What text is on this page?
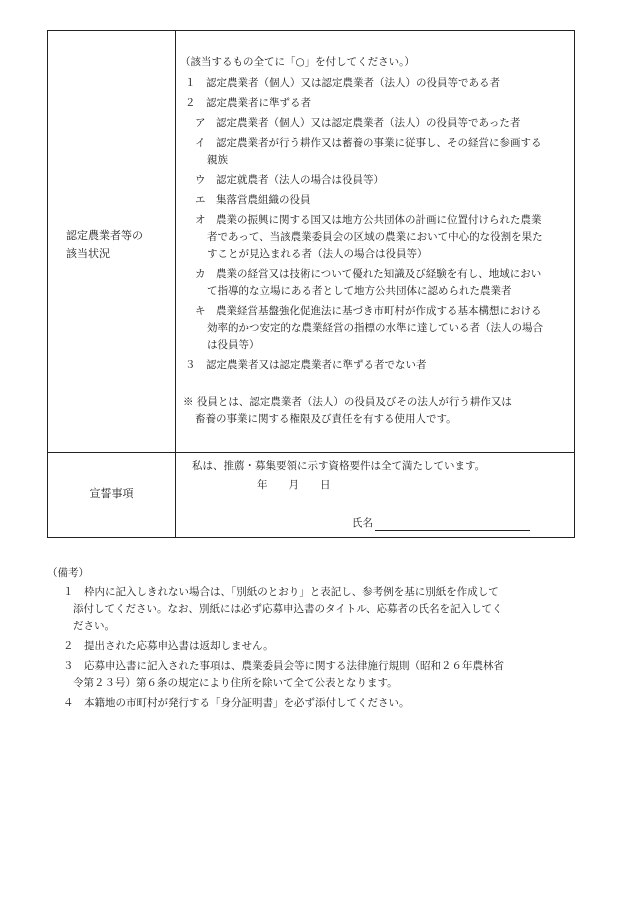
認定農業者等の
該当状況
（該当するもの全てに「○」を付してください。）
１　認定農業者（個人）又は認定農業者（法人）の役員等である者
２　認定農業者に準ずる者
ア　認定農業者（個人）又は認定農業者（法人）の役員等であった者
イ　認定農業者が行う耕作又は蓄養の事業に従事し、その経営に参画する
親族
ウ　認定就農者（法人の場合は役員等）
エ　集落営農組織の役員
オ　農業の振興に関する国又は地方公共団体の計画に位置付けられた農業
者であって、当該農業委員会の区域の農業において中心的な役割を果た
すことが見込まれる者（法人の場合は役員等）
カ　農業の経営又は技術について優れた知識及び経験を有し、地域におい
て指導的な立場にある者として地方公共団体に認められた農業者
キ　農業経営基盤強化促進法に基づき市町村が作成する基本構想における
効率的かつ安定的な農業経営の指標の水準に達している者（法人の場合
は役員等）
３　認定農業者又は認定農業者に準ずる者でない者
※ 役員とは、認定農業者（法人）の役員及びその法人が行う耕作又は
畜養の事業に関する権限及び責任を有する使用人です。
宣誓事項
私は、推薦・募集要領に示す資格要件は全て満たしています。
年　　月　　日
氏名
（備考）
１　枠内に記入しきれない場合は、「別紙のとおり」と表記し、参考例を基に別紙を作成して
添付してください。なお、別紙には必ず応募申込書のタイトル、応募者の氏名を記入してく
ださい。
２　提出された応募申込書は返却しません。
３　応募申込書に記入された事項は、農業委員会等に関する法律施行規則（昭和２６年農林省
令第２３号）第６条の規定により住所を除いて全て公表となります。
４　本籍地の市町村が発行する「身分証明書」を必ず添付してください。
